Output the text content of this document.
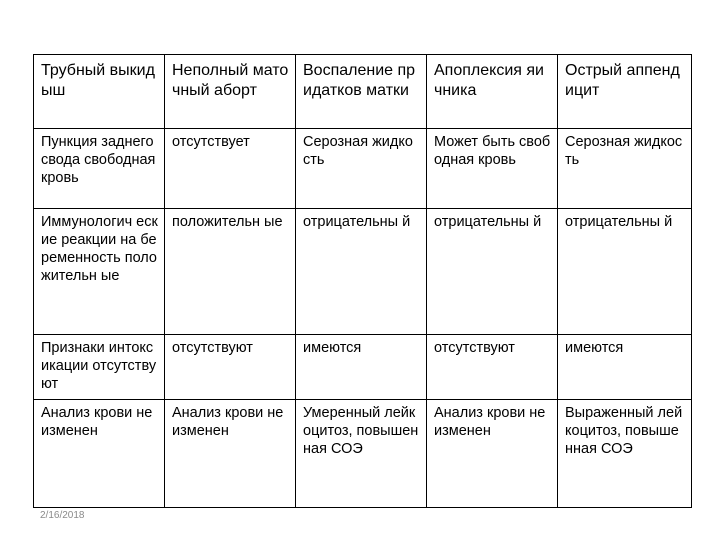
Трубный выкидыш	Неполный маточный аборт	Воспаление придатков матки	Апоплексия яичника	Острый аппендицит
Пункция заднего свода свободная кровь	отсутствует	Серозная жидкость	Может быть свободная кровь	Серозная жидкость
Иммунологич еские реакции на беременность положительн ые	положительн ые	отрицательны й	отрицательны й	отрицательны й
Признаки интоксикации отсутствуют	отсутствуют	имеются	отсутствуют	имеются
Анализ крови не изменен	Анализ крови не изменен	Умеренный лейкоцитоз, повышенная СОЭ	Анализ крови не изменен	Выраженный лейкоцитоз, повышенная СОЭ
2/16/2018
